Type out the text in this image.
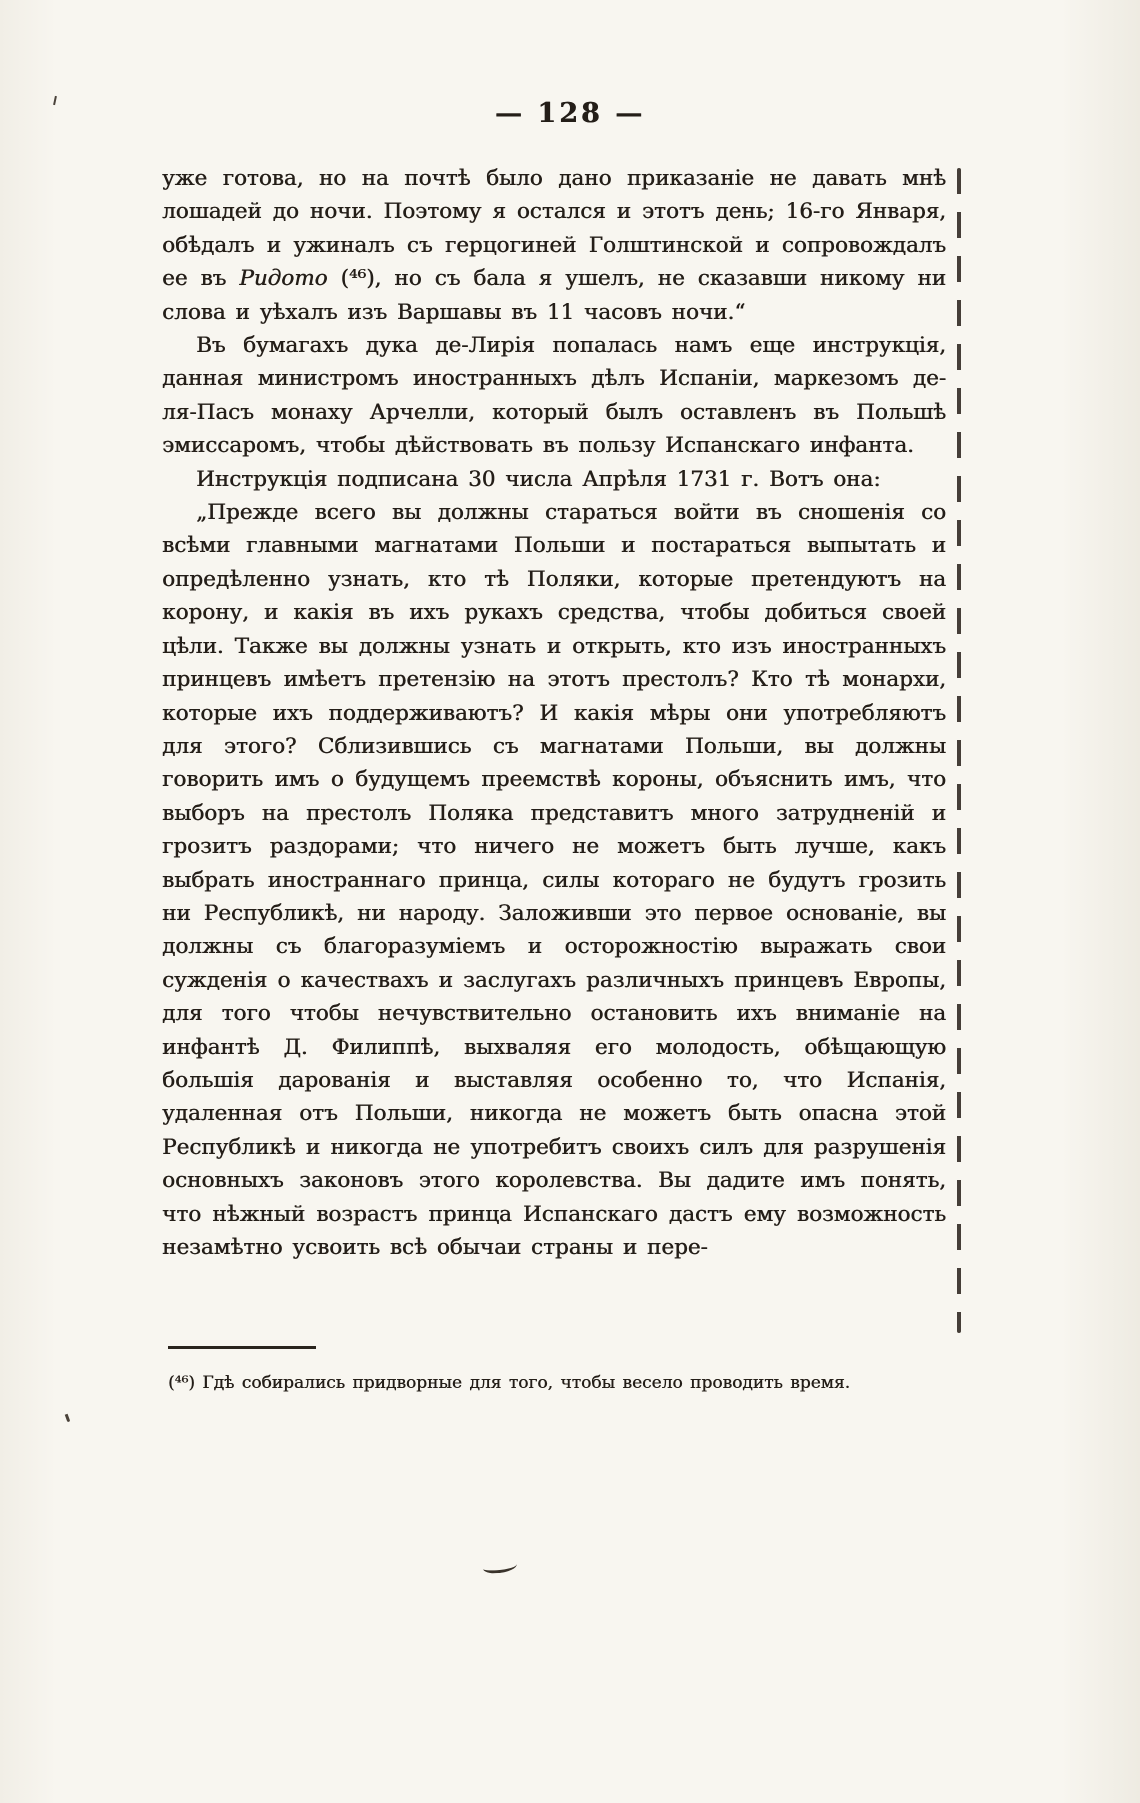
— 128 —

уже готова, но на почтѣ было дано приказаніе не давать мнѣ лошадей до ночи. Поэтому я остался и этотъ день; 16-го Января, обѣдалъ и ужиналъ съ герцогиней Голштинской и сопровождалъ ее въ Ридото (⁴⁶), но съ бала я ушелъ, не сказавши никому ни слова и уѣхалъ изъ Варшавы въ 11 часовъ ночи.“

Въ бумагахъ дука де-Лирія попалась намъ еще инструкція, данная министромъ иностранныхъ дѣлъ Испаніи, маркезомъ де-ля-Пасъ монаху Арчелли, который былъ оставленъ въ Польшѣ эмиссаромъ, чтобы дѣйствовать въ пользу Испанскаго инфанта.

Инструкція подписана 30 числа Апрѣля 1731 г. Вотъ она:

„Прежде всего вы должны стараться войти въ сношенія со всѣми главными магнатами Польши и постараться выпытать и опредѣленно узнать, кто тѣ Поляки, которые претендуютъ на корону, и какія въ ихъ рукахъ средства, чтобы добиться своей цѣли. Также вы должны узнать и открыть, кто изъ иностранныхъ принцевъ имѣетъ претензію на этотъ престолъ? Кто тѣ монархи, которые ихъ поддерживаютъ? И какія мѣры они употребляютъ для этого? Сблизившись съ магнатами Польши, вы должны говорить имъ о будущемъ преемствѣ короны, объяснить имъ, что выборъ на престолъ Поляка представитъ много затрудненій и грозитъ раздорами; что ничего не можетъ быть лучше, какъ выбрать иностраннаго принца, силы котораго не будутъ грозить ни Республикѣ, ни народу. Заложивши это первое основаніе, вы должны съ благоразуміемъ и осторожностію выражать свои сужденія о качествахъ и заслугахъ различныхъ принцевъ Европы, для того чтобы нечувствительно остановить ихъ вниманіе на инфантѣ Д. Филиппѣ, выхваляя его молодость, обѣщающую большія дарованія и выставляя особенно то, что Испанія, удаленная отъ Польши, никогда не можетъ быть опасна этой Республикѣ и никогда не употребитъ своихъ силъ для разрушенія основныхъ законовъ этого королевства. Вы дадите имъ понять, что нѣжный возрастъ принца Испанскаго дастъ ему возможность незамѣтно усвоить всѣ обычаи страны и пере-

(⁴⁶) Гдѣ собирались придворные для того, чтобы весело проводить время.
